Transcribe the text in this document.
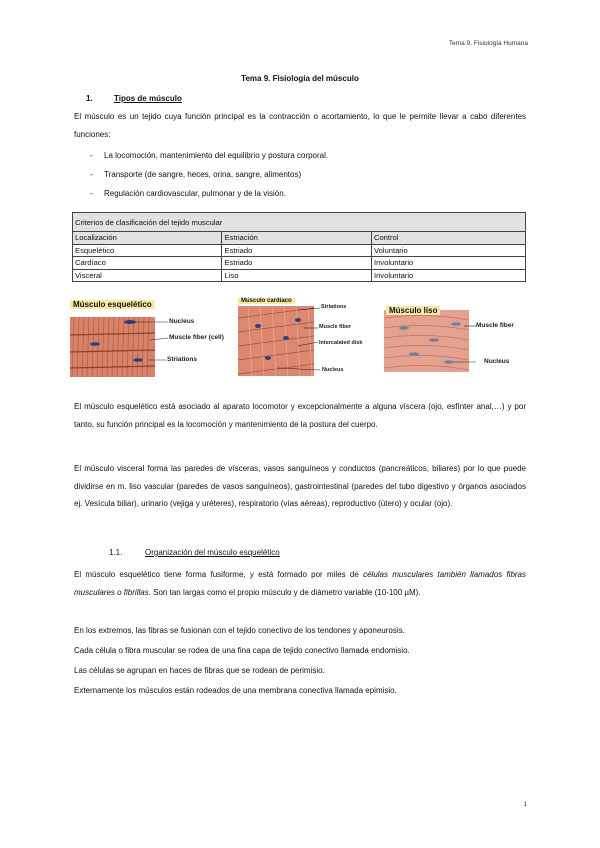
Tema 9. Fisiología Humana
Tema 9. Fisiología del músculo
1.	Tipos de músculo
El músculo es un tejido cuya función principal es la contracción o acortamiento, lo que le permite llevar a cabo diferentes funciones:
- La locomoción, mantenimiento del equilibrio y postura corporal.
- Transporte (de sangre, heces, orina, sangre, alimentos)
- Regulación cardiovascular, pulmonar y de la visión.
Criterios de clasificación del tejido muscular		
Localización	Estriación	Control
Esquelético	Estriado	Voluntario
Cardíaco	Estriado	Involuntario
Visceral	Liso	Involuntario
Músculo esquelético
Nucleus
Muscle fiber (cell)
Striations
Músculo cardíaco
Striations
Muscle fiber
Intercalated disk
Nucleus
Músculo liso
Muscle fiber
Nucleus
El músculo esquelético está asociado al aparato locomotor y excepcionalmente a alguna víscera (ojo, esfínter anal,…) y por tanto, su función principal es la locomoción y mantenimiento de la postura del cuerpo.
El músculo visceral forma las paredes de vísceras, vasos sanguíneos y conductos (pancreáticos, biliares) por lo que puede dividirse en m. liso vascular (paredes de vasos sanguíneos), gastrointestinal (paredes del tubo digestivo y órganos asociados ej. Vesícula biliar), urinario (vejiga y uréteres), respiratorio (vías aéreas), reproductivo (útero) y ocular (ojo).
1.1.	Organización del músculo esquelético
El músculo esquelético tiene forma fusiforme, y está formado por miles de células musculares también llamados fibras musculares o fibrillas. Son tan largas como el propio músculo y de diámetro variable (10-100 µM).
En los extremos, las fibras se fusionan con el tejido conectivo de los tendones y aponeurosis.
Cada célula o fibra muscular se rodea de una fina capa de tejido conectivo llamada endomisio.
Las células se agrupan en haces de fibras que se rodean de perimisio.
Externamente los músculos están rodeados de una membrana conectiva llamada epimisio.
1
